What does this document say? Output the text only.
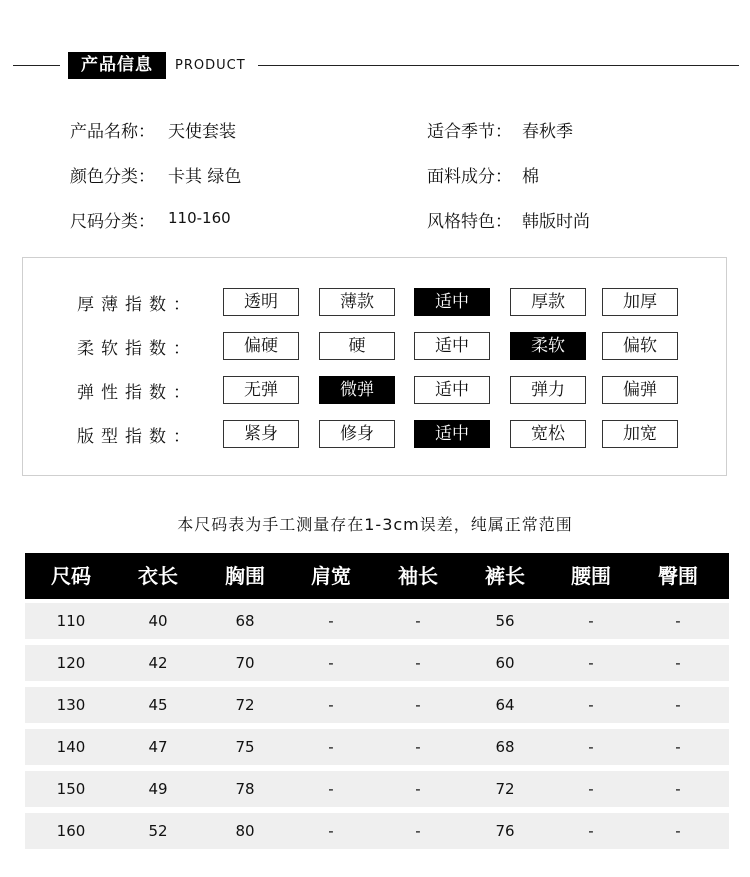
产品信息	PRODUCT
产品名称： 天使套装	适合季节： 春秋季
颜色分类： 卡其 绿色	面料成分： 棉
尺码分类： 110-160	风格特色： 韩版时尚
厚薄指数：	透明	薄款	适中	厚款	加厚
柔软指数：	偏硬	硬	适中	柔软	偏软
弹性指数：	无弹	微弹	适中	弹力	偏弹
版型指数：	紧身	修身	适中	宽松	加宽
本尺码表为手工测量存在1-3cm误差，纯属正常范围
尺码	衣长	胸围	肩宽	袖长	裤长	腰围	臀围
110	40	68	-	-	56	-	-
120	42	70	-	-	60	-	-
130	45	72	-	-	64	-	-
140	47	75	-	-	68	-	-
150	49	78	-	-	72	-	-
160	52	80	-	-	76	-	-
